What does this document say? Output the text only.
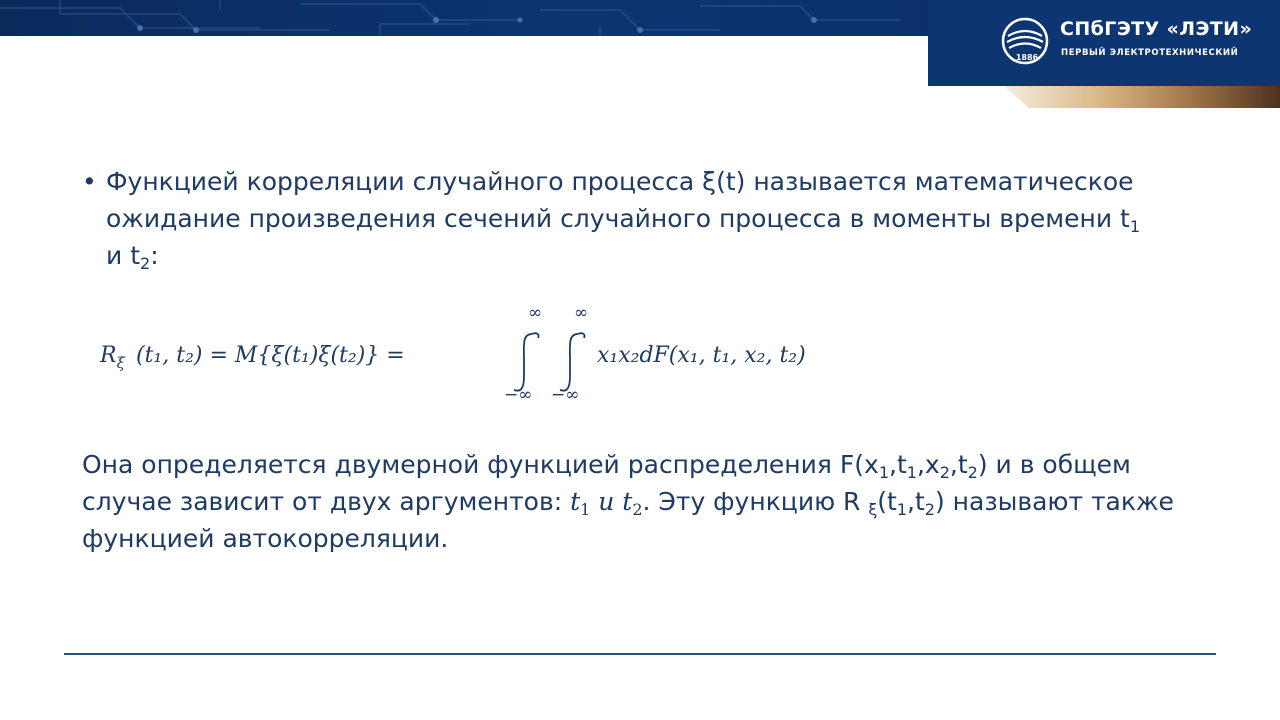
1886
СПбГЭТУ «ЛЭТИ»
ПЕРВЫЙ ЭЛЕКТРОТЕХНИЧЕСКИЙ
• Функцией корреляции случайного процесса ξ(t) называется математическое
ожидание произведения сечений случайного процесса в моменты времени $t_1$
и $t_2$:
$R_\xi$ (t₁, t₂) = M{ξ(t₁)ξ(t₂)} =
∞
−∞
∞
−∞
x₁x₂dF(x₁, t₁, x₂, t₂)
Она определяется двумерной функцией распределения $F(x_1,t_1,x_2,t_2)$ и в общем
случае зависит от двух аргументов: $t_1$ и $t_2$. Эту функцию R $_\xi(t_1,t_2)$ называют также
функцией автокорреляции.
